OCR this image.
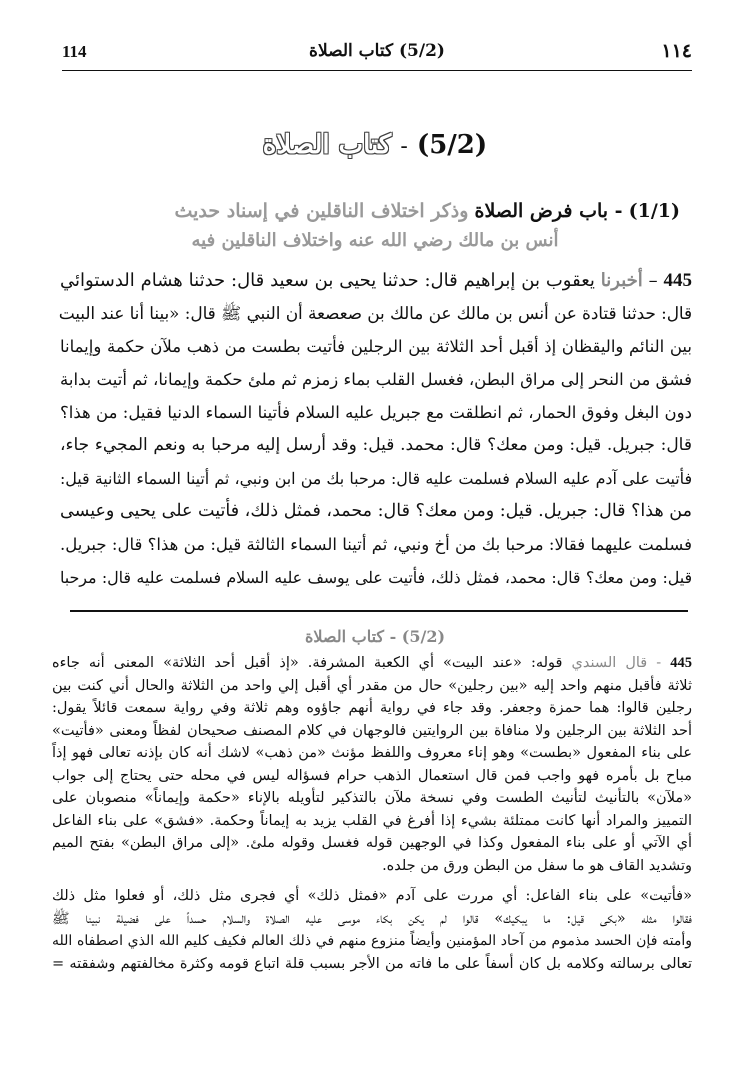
114	(5/2) كتاب الصلاة	١١٤
(5/2) - كتاب الصلاة
(1/1) - باب فرض الصلاة وذكر اختلاف الناقلين في إسناد حديث
أنس بن مالك رضي الله عنه واختلاف الناقلين فيه
445 – أخبرنا يعقوب بن إبراهيم قال: حدثنا يحيى بن سعيد قال: حدثنا هشام الدستوائي
قال: حدثنا قتادة عن أنس بن مالك عن مالك بن صعصعة أن النبي ﷺ قال: «بينا أنا عند البيت
بين النائم واليقظان إذ أقبل أحد الثلاثة بين الرجلين فأتيت بطست من ذهب ملآن حكمة وإيمانا
فشق من النحر إلى مراق البطن، فغسل القلب بماء زمزم ثم ملئ حكمة وإيمانا، ثم أتيت بدابة
دون البغل وفوق الحمار، ثم انطلقت مع جبريل عليه السلام فأتينا السماء الدنيا فقيل: من هذا؟
قال: جبريل. قيل: ومن معك؟ قال: محمد. قيل: وقد أرسل إليه مرحبا به ونعم المجيء جاء،
فأتيت على آدم عليه السلام فسلمت عليه قال: مرحبا بك من ابن ونبي، ثم أتينا السماء الثانية قيل:
من هذا؟ قال: جبريل. قيل: ومن معك؟ قال: محمد، فمثل ذلك، فأتيت على يحيى وعيسى
فسلمت عليهما فقالا: مرحبا بك من أخ ونبي، ثم أتينا السماء الثالثة قيل: من هذا؟ قال: جبريل.
قيل: ومن معك؟ قال: محمد، فمثل ذلك، فأتيت على يوسف عليه السلام فسلمت عليه قال: مرحبا
(5/2) - كتاب الصلاة
445 - قال السندي قوله: «عند البيت» أي الكعبة المشرفة. «إذ أقبل أحد الثلاثة» المعنى أنه جاءه
ثلاثة فأقبل منهم واحد إليه «بين رجلين» حال من مقدر أي أقبل إلي واحد من الثلاثة والحال أني كنت بين
رجلين قالوا: هما حمزة وجعفر. وقد جاء في رواية أنهم جاؤوه وهم ثلاثة وفي رواية سمعت قائلاً يقول:
أحد الثلاثة بين الرجلين ولا منافاة بين الروايتين فالوجهان في كلام المصنف صحيحان لفظاً ومعنى «فأتيت»
على بناء المفعول «بطست» وهو إناء معروف واللفظ مؤنث «من ذهب» لاشك أنه كان بإذنه تعالى فهو إذاً
مباح بل بأمره فهو واجب فمن قال استعمال الذهب حرام فسؤاله ليس في محله حتى يحتاج إلى جواب
«ملآن» بالتأنيث لتأنيث الطست وفي نسخة ملآن بالتذكير لتأويله بالإناء «حكمة وإيماناً» منصوبان على
التمييز والمراد أنها كانت ممتلئة بشيء إذا أفرغ في القلب يزيد به إيماناً وحكمة. «فشق» على بناء الفاعل
أي الآتي أو على بناء المفعول وكذا في الوجهين قوله فغسل وقوله ملئ. «إلى مراق البطن» بفتح الميم
وتشديد القاف هو ما سفل من البطن ورق من جلده.
«فأتيت» على بناء الفاعل: أي مررت على آدم «فمثل ذلك» أي فجرى مثل ذلك، أو فعلوا مثل ذلك
فقالوا مثله «بكى قيل: ما يبكيك» قالوا لم يكن بكاء موسى عليه الصلاة والسلام حسداً على فضيلة نبينا ﷺ
وأمته فإن الحسد مذموم من آحاد المؤمنين وأيضاً منزوع منهم في ذلك العالم فكيف كليم الله الذي اصطفاه الله
تعالى برسالته وكلامه بل كان أسفاً على ما فاته من الأجر بسبب قلة اتباع قومه وكثرة مخالفتهم وشفقته =
